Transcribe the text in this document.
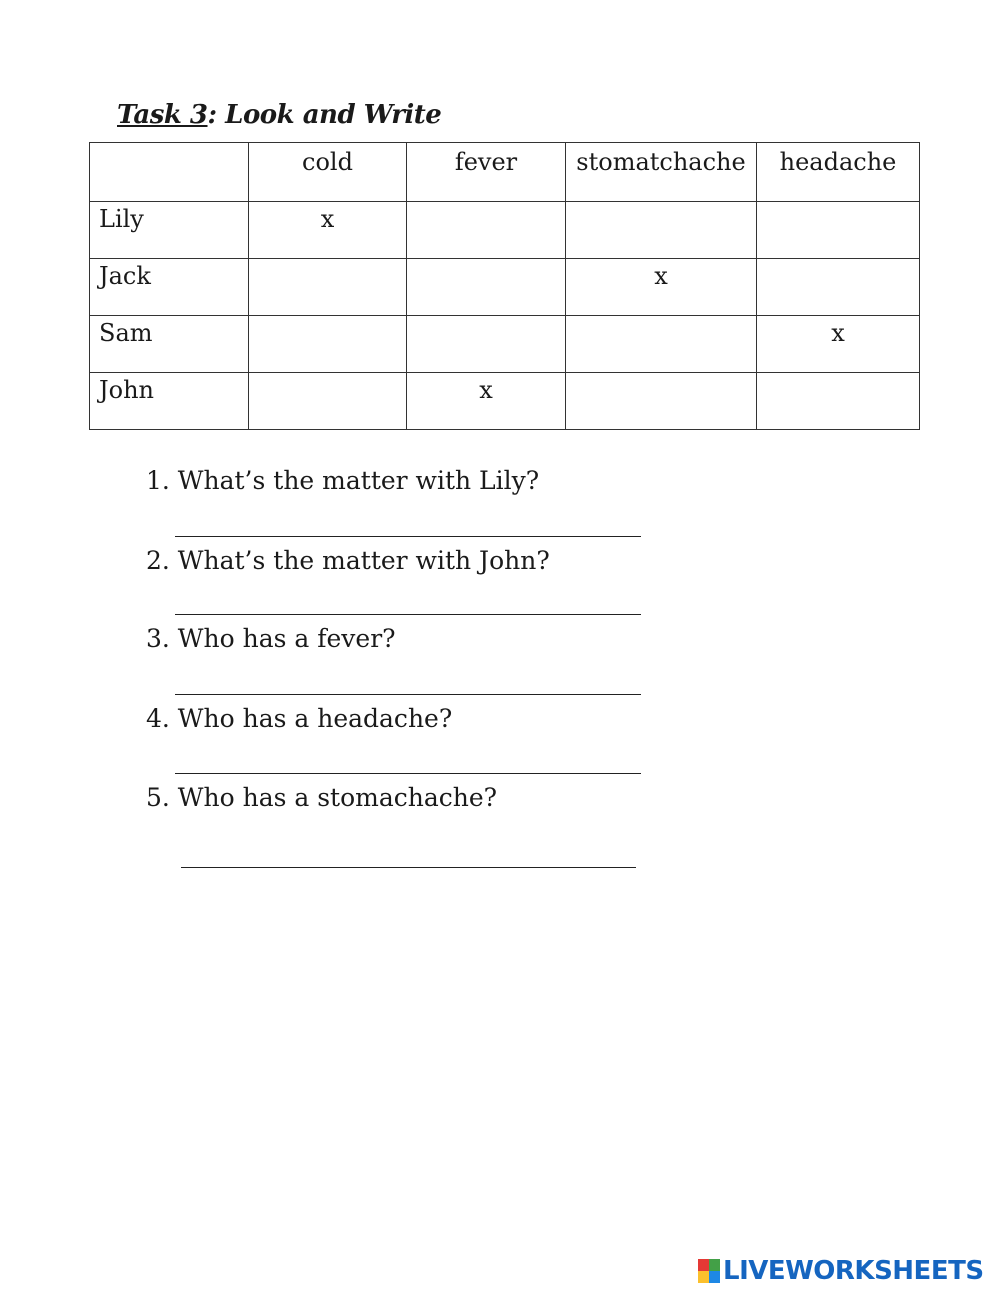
Task 3: Look and Write
	cold	fever	stomatchache	headache
Lily	x			
Jack			x	
Sam				x
John		x		
1. What’s the matter with Lily?
2. What’s the matter with John?
3. Who has a fever?
4. Who has a headache?
5. Who has a stomachache?
LIVEWORKSHEETS
